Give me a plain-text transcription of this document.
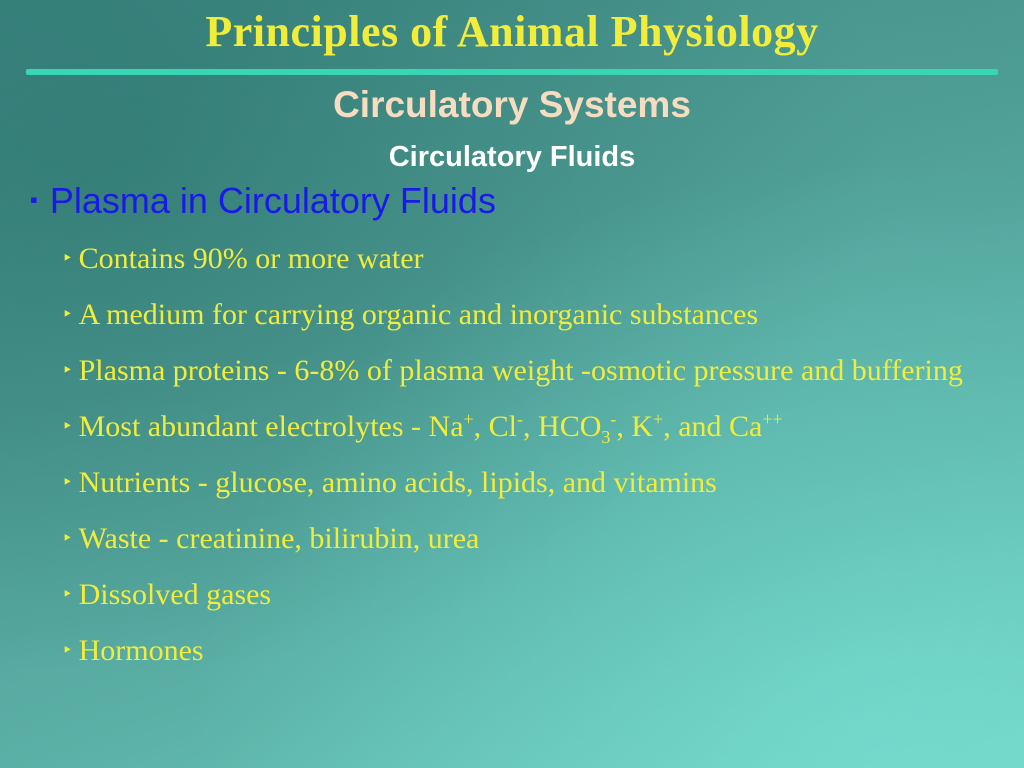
Principles of Animal Physiology
Circulatory Systems
Circulatory Fluids
▪ Plasma in Circulatory Fluids
‣ Contains 90% or more water
‣ A medium for carrying organic and inorganic substances
‣ Plasma proteins - 6-8% of plasma weight -osmotic pressure and buffering
‣ Most abundant electrolytes - Na+, Cl-, $HCO_3^-$, K+, and Ca++
‣ Nutrients - glucose, amino acids, lipids, and vitamins
‣ Waste - creatinine, bilirubin, urea
‣ Dissolved gases
‣ Hormones
